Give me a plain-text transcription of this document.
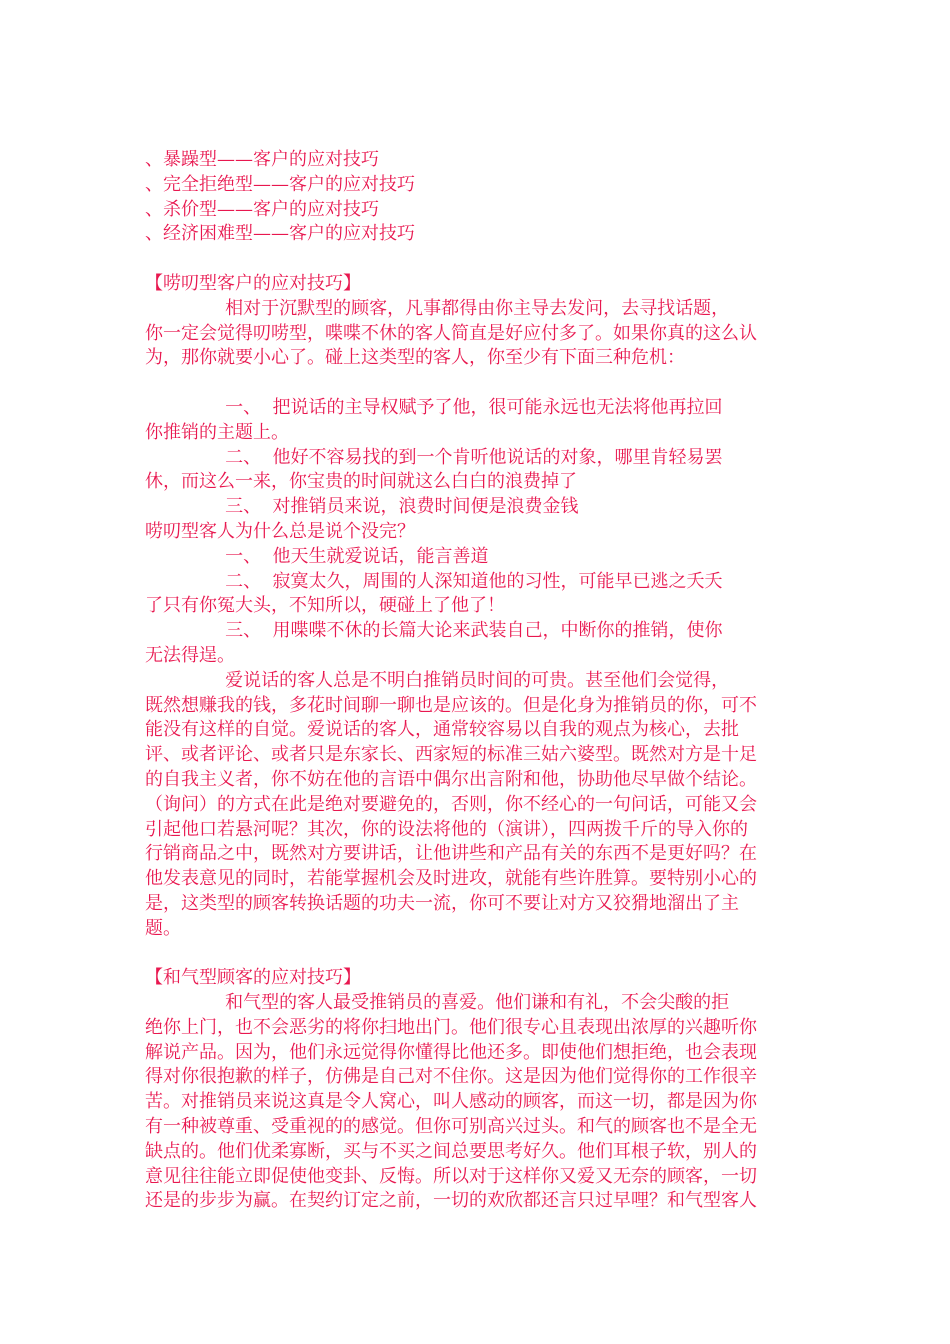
、暴躁型——客户的应对技巧
、完全拒绝型——客户的应对技巧
、杀价型——客户的应对技巧
、经济困难型——客户的应对技巧
【唠叨型客户的应对技巧】
相对于沉默型的顾客，凡事都得由你主导去发问，去寻找话题，
你一定会觉得叨唠型，喋喋不休的客人简直是好应付多了。如果你真的这么认
为，那你就要小心了。碰上这类型的客人，你至少有下面三种危机：
一、  把说话的主导权赋予了他，很可能永远也无法将他再拉回
你推销的主题上。
二、  他好不容易找的到一个肯听他说话的对象，哪里肯轻易罢
休，而这么一来，你宝贵的时间就这么白白的浪费掉了
三、  对推销员来说，浪费时间便是浪费金钱
唠叨型客人为什么总是说个没完？
一、  他天生就爱说话，能言善道
二、  寂寞太久，周围的人深知道他的习性，可能早已逃之夭夭
了只有你冤大头，不知所以，硬碰上了他了！
三、  用喋喋不休的长篇大论来武装自己，中断你的推销，使你
无法得逞。
爱说话的客人总是不明白推销员时间的可贵。甚至他们会觉得，
既然想赚我的钱，多花时间聊一聊也是应该的。但是化身为推销员的你，可不
能没有这样的自觉。爱说话的客人，通常较容易以自我的观点为核心，去批
评、或者评论、或者只是东家长、西家短的标准三姑六婆型。既然对方是十足
的自我主义者，你不妨在他的言语中偶尔出言附和他，协助他尽早做个结论。
（询问）的方式在此是绝对要避免的，否则，你不经心的一句问话，可能又会
引起他口若悬河呢？其次，你的设法将他的（演讲），四两拨千斤的导入你的
行销商品之中，既然对方要讲话，让他讲些和产品有关的东西不是更好吗？在
他发表意见的同时，若能掌握机会及时进攻，就能有些许胜算。要特别小心的
是，这类型的顾客转换话题的功夫一流，你可不要让对方又狡猾地溜出了主
题。
【和气型顾客的应对技巧】
和气型的客人最受推销员的喜爱。他们谦和有礼，不会尖酸的拒
绝你上门，也不会恶劣的将你扫地出门。他们很专心且表现出浓厚的兴趣听你
解说产品。因为，他们永远觉得你懂得比他还多。即使他们想拒绝，也会表现
得对你很抱歉的样子，仿佛是自己对不住你。这是因为他们觉得你的工作很辛
苦。对推销员来说这真是令人窝心，叫人感动的顾客，而这一切，都是因为你
有一种被尊重、受重视的的感觉。但你可别高兴过头。和气的顾客也不是全无
缺点的。他们优柔寡断，买与不买之间总要思考好久。他们耳根子软，别人的
意见往往能立即促使他变卦、反悔。所以对于这样你又爱又无奈的顾客，一切
还是的步步为赢。在契约订定之前，一切的欢欣都还言只过早哩？和气型客人
